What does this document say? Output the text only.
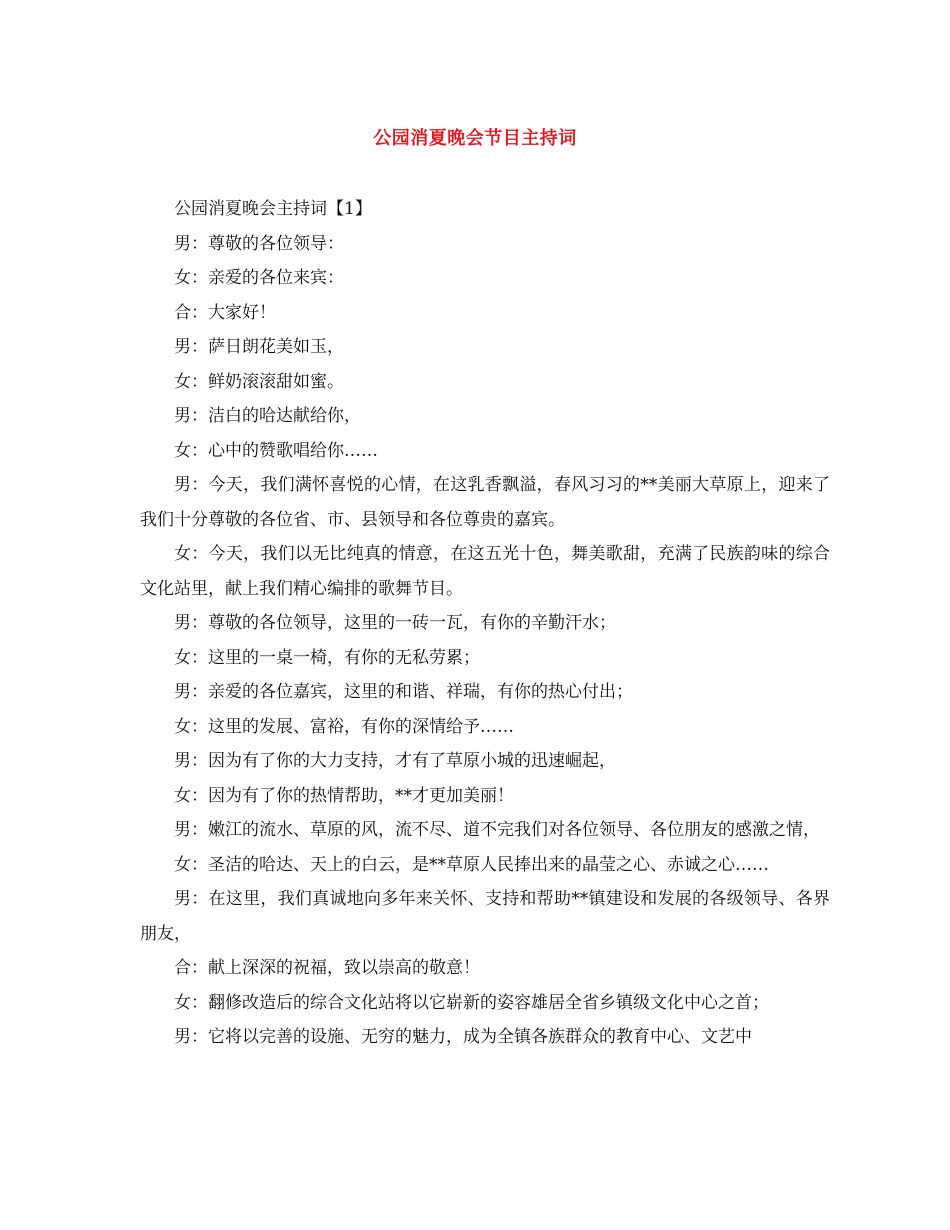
公园消夏晚会节目主持词

公园消夏晚会主持词【1】

男：尊敬的各位领导：

女：亲爱的各位来宾：

合：大家好！

男：萨日朗花美如玉，

女：鲜奶滚滚甜如蜜。

男：洁白的哈达献给你，

女：心中的赞歌唱给你……

男：今天，我们满怀喜悦的心情，在这乳香飘溢，春风习习的**美丽大草原上，迎来了我们十分尊敬的各位省、市、县领导和各位尊贵的嘉宾。

女：今天，我们以无比纯真的情意，在这五光十色，舞美歌甜，充满了民族韵味的综合文化站里，献上我们精心编排的歌舞节目。

男：尊敬的各位领导，这里的一砖一瓦，有你的辛勤汗水；

女：这里的一桌一椅，有你的无私劳累；

男：亲爱的各位嘉宾，这里的和谐、祥瑞，有你的热心付出；

女：这里的发展、富裕，有你的深情给予……

男：因为有了你的大力支持，才有了草原小城的迅速崛起，

女：因为有了你的热情帮助，**才更加美丽！

男：嫩江的流水、草原的风，流不尽、道不完我们对各位领导、各位朋友的感激之情，

女：圣洁的哈达、天上的白云，是**草原人民捧出来的晶莹之心、赤诚之心……

男：在这里，我们真诚地向多年来关怀、支持和帮助**镇建设和发展的各级领导、各界朋友，

合：献上深深的祝福，致以崇高的敬意！

女：翻修改造后的综合文化站将以它崭新的姿容雄居全省乡镇级文化中心之首；

男：它将以完善的设施、无穷的魅力，成为全镇各族群众的教育中心、文艺中
